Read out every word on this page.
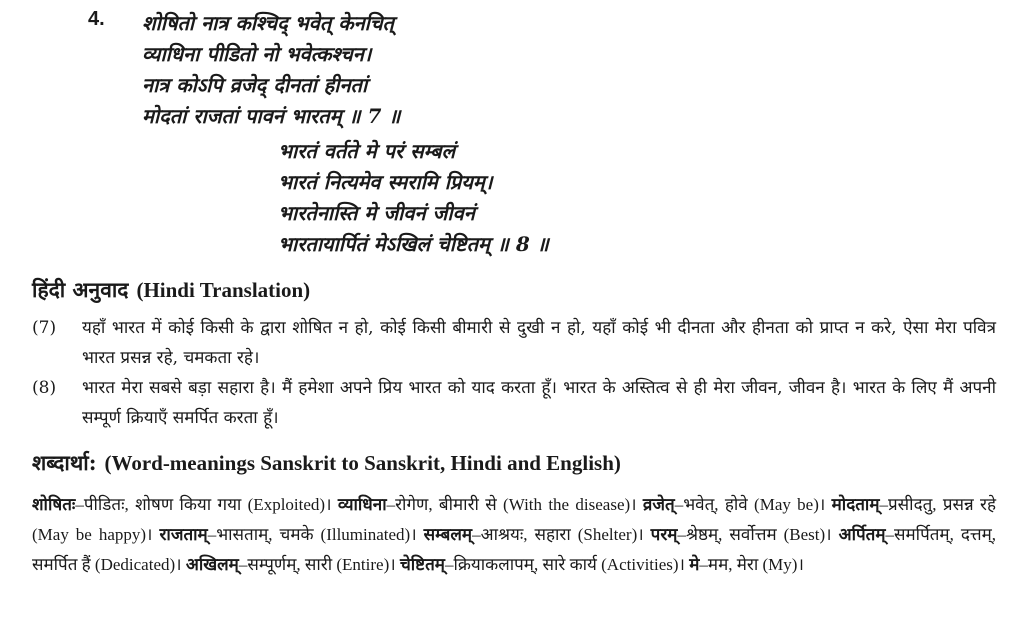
4. शोषितो नात्र कश्चिद् भवेत् केनचित्
व्याधिना पीडितो नो भवेत्कश्चन।
नात्र कोऽपि व्रजेद् दीनतां हीनतां
मोदतां राजतां पावनं भारतम् ॥ 7 ॥
भारतं वर्तते मे परं सम्बलं
भारतं नित्यमेव स्मरामि प्रियम्।
भारतेनास्ति मे जीवनं जीवनं
भारतायार्पितं मेऽखिलं चेष्टितम् ॥ 8 ॥
हिंदी अनुवाद (Hindi Translation)
(7)	यहाँ भारत में कोई किसी के द्वारा शोषित न हो, कोई किसी बीमारी से दुखी न हो, यहाँ कोई भी दीनता और हीनता को प्राप्त न करे, ऐसा मेरा पवित्र भारत प्रसन्न रहे, चमकता रहे।
(8)	भारत मेरा सबसे बड़ा सहारा है। मैं हमेशा अपने प्रिय भारत को याद करता हूँ। भारत के अस्तित्व से ही मेरा जीवन, जीवन है। भारत के लिए मैं अपनी सम्पूर्ण क्रियाएँ समर्पित करता हूँ।
शब्दार्था: (Word-meanings Sanskrit to Sanskrit, Hindi and English)
शोषितः–पीडितः, शोषण किया गया (Exploited)। व्याधिना–रोगेण, बीमारी से (With the disease)। व्रजेत्–भवेत्, होवे (May be)। मोदताम्–प्रसीदतु, प्रसन्न रहे (May be happy)। राजताम्–भासताम्, चमके (Illuminated)। सम्बलम्–आश्रयः, सहारा (Shelter)। परम्–श्रेष्ठम्, सर्वोत्तम (Best)। अर्पितम्–समर्पितम्, दत्तम्, समर्पित हैं (Dedicated)। अखिलम्–सम्पूर्णम्, सारी (Entire)। चेष्टितम्–क्रियाकलापम्, सारे कार्य (Activities)। मे–मम, मेरा (My)।
